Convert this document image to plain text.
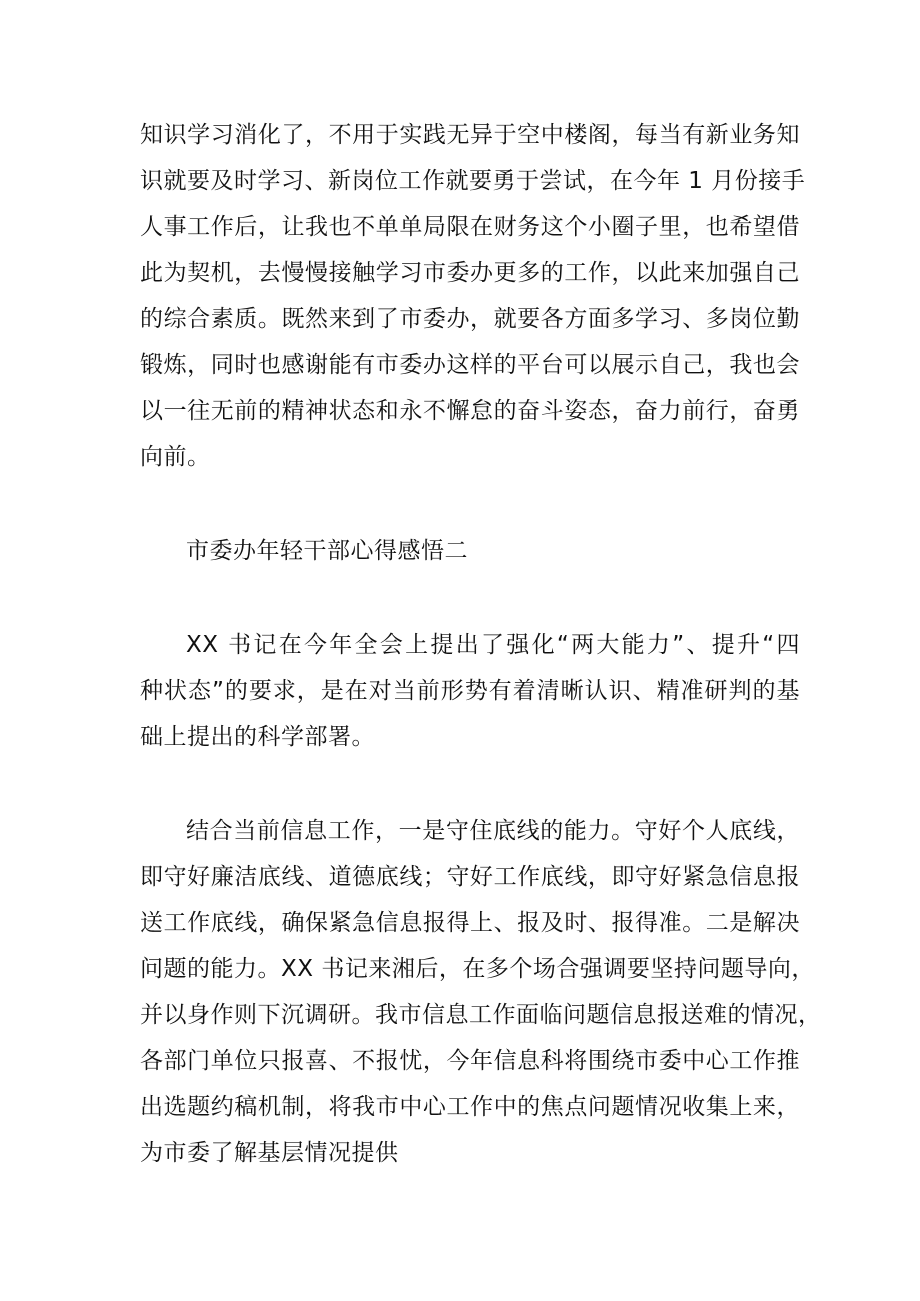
知识学习消化了，不用于实践无异于空中楼阁，每当有新业务知
识就要及时学习、新岗位工作就要勇于尝试，在今年 1 月份接手
人事工作后，让我也不单单局限在财务这个小圈子里，也希望借
此为契机，去慢慢接触学习市委办更多的工作，以此来加强自己
的综合素质。既然来到了市委办，就要各方面多学习、多岗位勤
锻炼，同时也感谢能有市委办这样的平台可以展示自己，我也会
以一往无前的精神状态和永不懈怠的奋斗姿态，奋力前行，奋勇
向前。
市委办年轻干部心得感悟二
XX 书记在今年全会上提出了强化“两大能力”、提升“四
种状态”的要求，是在对当前形势有着清晰认识、精准研判的基
础上提出的科学部署。
结合当前信息工作，一是守住底线的能力。守好个人底线，
即守好廉洁底线、道德底线；守好工作底线，即守好紧急信息报
送工作底线，确保紧急信息报得上、报及时、报得准。二是解决
问题的能力。XX 书记来湘后，在多个场合强调要坚持问题导向，
并以身作则下沉调研。我市信息工作面临问题信息报送难的情况，
各部门单位只报喜、不报忧，今年信息科将围绕市委中心工作推
出选题约稿机制，将我市中心工作中的焦点问题情况收集上来，
为市委了解基层情况提供
